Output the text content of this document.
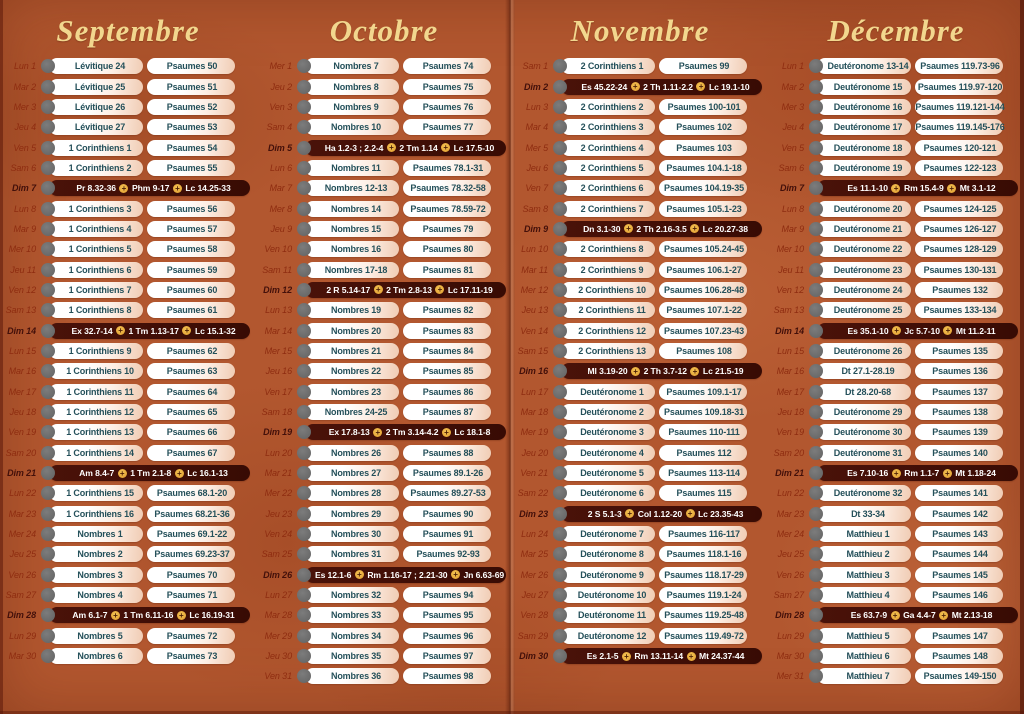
Septembre
Lun 1	Lévitique 24	Psaumes 50
Mar 2	Lévitique 25	Psaumes 51
Mer 3	Lévitique 26	Psaumes 52
Jeu 4	Lévitique 27	Psaumes 53
Ven 5	1 Corinthiens 1	Psaumes 54
Sam 6	1 Corinthiens 2	Psaumes 55
Dim 7	Pr 8.32-36 + Phm 9-17 + Lc 14.25-33
Lun 8	1 Corinthiens 3	Psaumes 56
Mar 9	1 Corinthiens 4	Psaumes 57
Mer 10	1 Corinthiens 5	Psaumes 58
Jeu 11	1 Corinthiens 6	Psaumes 59
Ven 12	1 Corinthiens 7	Psaumes 60
Sam 13	1 Corinthiens 8	Psaumes 61
Dim 14	Ex 32.7-14 + 1 Tm 1.13-17 + Lc 15.1-32
Lun 15	1 Corinthiens 9	Psaumes 62
Mar 16	1 Corinthiens 10	Psaumes 63
Mer 17	1 Corinthiens 11	Psaumes 64
Jeu 18	1 Corinthiens 12	Psaumes 65
Ven 19	1 Corinthiens 13	Psaumes 66
Sam 20	1 Corinthiens 14	Psaumes 67
Dim 21	Am 8.4-7 + 1 Tm 2.1-8 + Lc 16.1-13
Lun 22	1 Corinthiens 15	Psaumes 68.1-20
Mar 23	1 Corinthiens 16 Psaumes 68.21-36
Mer 24	Nombres 1	Psaumes 69.1-22
Jeu 25	Nombres 2	Psaumes 69.23-37
Ven 26	Nombres 3	Psaumes 70
Sam 27	Nombres 4	Psaumes 71
Dim 28	Am 6.1-7 + 1 Tm 6.11-16 + Lc 16.19-31
Lun 29	Nombres 5	Psaumes 72
Mar 30	Nombres 6	Psaumes 73
Octobre
Mer 1	Nombres 7	Psaumes 74
Jeu 2	Nombres 8	Psaumes 75
Ven 3	Nombres 9	Psaumes 76
Sam 4	Nombres 10	Psaumes 77
Dim 5	Ha 1.2-3 ; 2.2-4 + 2 Tm 1.14 + Lc 17.5-10
Lun 6	Nombres 11	Psaumes 78.1-31
Mar 7	Nombres 12-13	Psaumes 78.32-58
Mer 8	Nombres 14	Psaumes 78.59-72
Jeu 9	Nombres 15	Psaumes 79
Ven 10	Nombres 16	Psaumes 80
Sam 11	Nombres 17-18	Psaumes 81
Dim 12	2 R 5.14-17 + 2 Tm 2.8-13 + Lc 17.11-19
Lun 13	Nombres 19	Psaumes 82
Mar 14	Nombres 20	Psaumes 83
Mer 15	Nombres 21	Psaumes 84
Jeu 16	Nombres 22	Psaumes 85
Ven 17	Nombres 23	Psaumes 86
Sam 18	Nombres 24-25	Psaumes 87
Dim 19	Ex 17.8-13 + 2 Tm 3.14-4.2 + Lc 18.1-8
Lun 20	Nombres 26	Psaumes 88
Mar 21	Nombres 27	Psaumes 89.1-26
Mer 22	Nombres 28	Psaumes 89.27-53
Jeu 23	Nombres 29	Psaumes 90
Ven 24	Nombres 30	Psaumes 91
Sam 25	Nombres 31	Psaumes 92-93
Dim 26	Es 12.1-6 + Rm 1.16-17 ; 2.21-30 + Jn 6.63-69
Lun 27	Nombres 32	Psaumes 94
Mar 28	Nombres 33	Psaumes 95
Mer 29	Nombres 34	Psaumes 96
Jeu 30	Nombres 35	Psaumes 97
Ven 31	Nombres 36	Psaumes 98
Novembre
Sam 1	2 Corinthiens 1	Psaumes 99
Dim 2	Es 45.22-24 + 2 Th 1.11-2.2 + Lc 19.1-10
Lun 3	2 Corinthiens 2	Psaumes 100-101
Mar 4	2 Corinthiens 3	Psaumes 102
Mer 5	2 Corinthiens 4	Psaumes 103
Jeu 6	2 Corinthiens 5	Psaumes 104.1-18
Ven 7	2 Corinthiens 6 Psaumes 104.19-35
Sam 8	2 Corinthiens 7	Psaumes 105.1-23
Dim 9	Dn 3.1-30 + 2 Th 2.16-3.5 + Lc 20.27-38
Lun 10	2 Corinthiens 8 Psaumes 105.24-45
Mar 11	2 Corinthiens 9	Psaumes 106.1-27
Mer 12	2 Corinthiens 10 Psaumes 106.28-48
Jeu 13	2 Corinthiens 11 Psaumes 107.1-22
Ven 14	2 Corinthiens 12 Psaumes 107.23-43
Sam 15	2 Corinthiens 13	Psaumes 108
Dim 16	Ml 3.19-20 + 2 Th 3.7-12 + Lc 21.5-19
Lun 17	Deutéronome 1	Psaumes 109.1-17
Mar 18	Deutéronome 2 Psaumes 109.18-31
Mer 19	Deutéronome 3	Psaumes 110-111
Jeu 20	Deutéronome 4	Psaumes 112
Ven 21	Deutéronome 5	Psaumes 113-114
Sam 22	Deutéronome 6	Psaumes 115
Dim 23	2 S 5.1-3 + Col 1.12-20 + Lc 23.35-43
Lun 24	Deutéronome 7	Psaumes 116-117
Mar 25	Deutéronome 8	Psaumes 118.1-16
Mer 26	Deutéronome 9 Psaumes 118.17-29
Jeu 27	Deutéronome 10 Psaumes 119.1-24
Ven 28	Deutéronome 11 Psaumes 119.25-48
Sam 29	Deutéronome 12 Psaumes 119.49-72
Dim 30	Es 2.1-5 + Rm 13.11-14 + Mt 24.37-44
Décembre
Lun 1	Deutéronome 13-14 Psaumes 119.73-96
Mar 2	Deutéronome 15 Psaumes 119.97-120
Mer 3	Deutéronome 16 Psaumes 119.121-144
Jeu 4	Deutéronome 17 Psaumes 119.145-176
Ven 5	Deutéronome 18 Psaumes 120-121
Sam 6	Deutéronome 19 Psaumes 122-123
Dim 7	Es 11.1-10 + Rm 15.4-9 + Mt 3.1-12
Lun 8	Deutéronome 20 Psaumes 124-125
Mar 9	Deutéronome 21 Psaumes 126-127
Mer 10	Deutéronome 22 Psaumes 128-129
Jeu 11	Deutéronome 23 Psaumes 130-131
Ven 12	Deutéronome 24	Psaumes 132
Sam 13	Deutéronome 25 Psaumes 133-134
Dim 14	Es 35.1-10 + Jc 5.7-10 + Mt 11.2-11
Lun 15	Deutéronome 26	Psaumes 135
Mar 16	Dt 27.1-28.19	Psaumes 136
Mer 17	Dt 28.20-68	Psaumes 137
Jeu 18	Deutéronome 29	Psaumes 138
Ven 19	Deutéronome 30	Psaumes 139
Sam 20	Deutéronome 31	Psaumes 140
Dim 21	Es 7.10-16 + Rm 1.1-7 + Mt 1.18-24
Lun 22	Deutéronome 32	Psaumes 141
Mar 23	Dt 33-34	Psaumes 142
Mer 24	Matthieu 1	Psaumes 143
Jeu 25	Matthieu 2	Psaumes 144
Ven 26	Matthieu 3	Psaumes 145
Sam 27	Matthieu 4	Psaumes 146
Dim 28	Es 63.7-9 + Ga 4.4-7 + Mt 2.13-18
Lun 29	Matthieu 5	Psaumes 147
Mar 30	Matthieu 6	Psaumes 148
Mer 31	Matthieu 7	Psaumes 149-150
